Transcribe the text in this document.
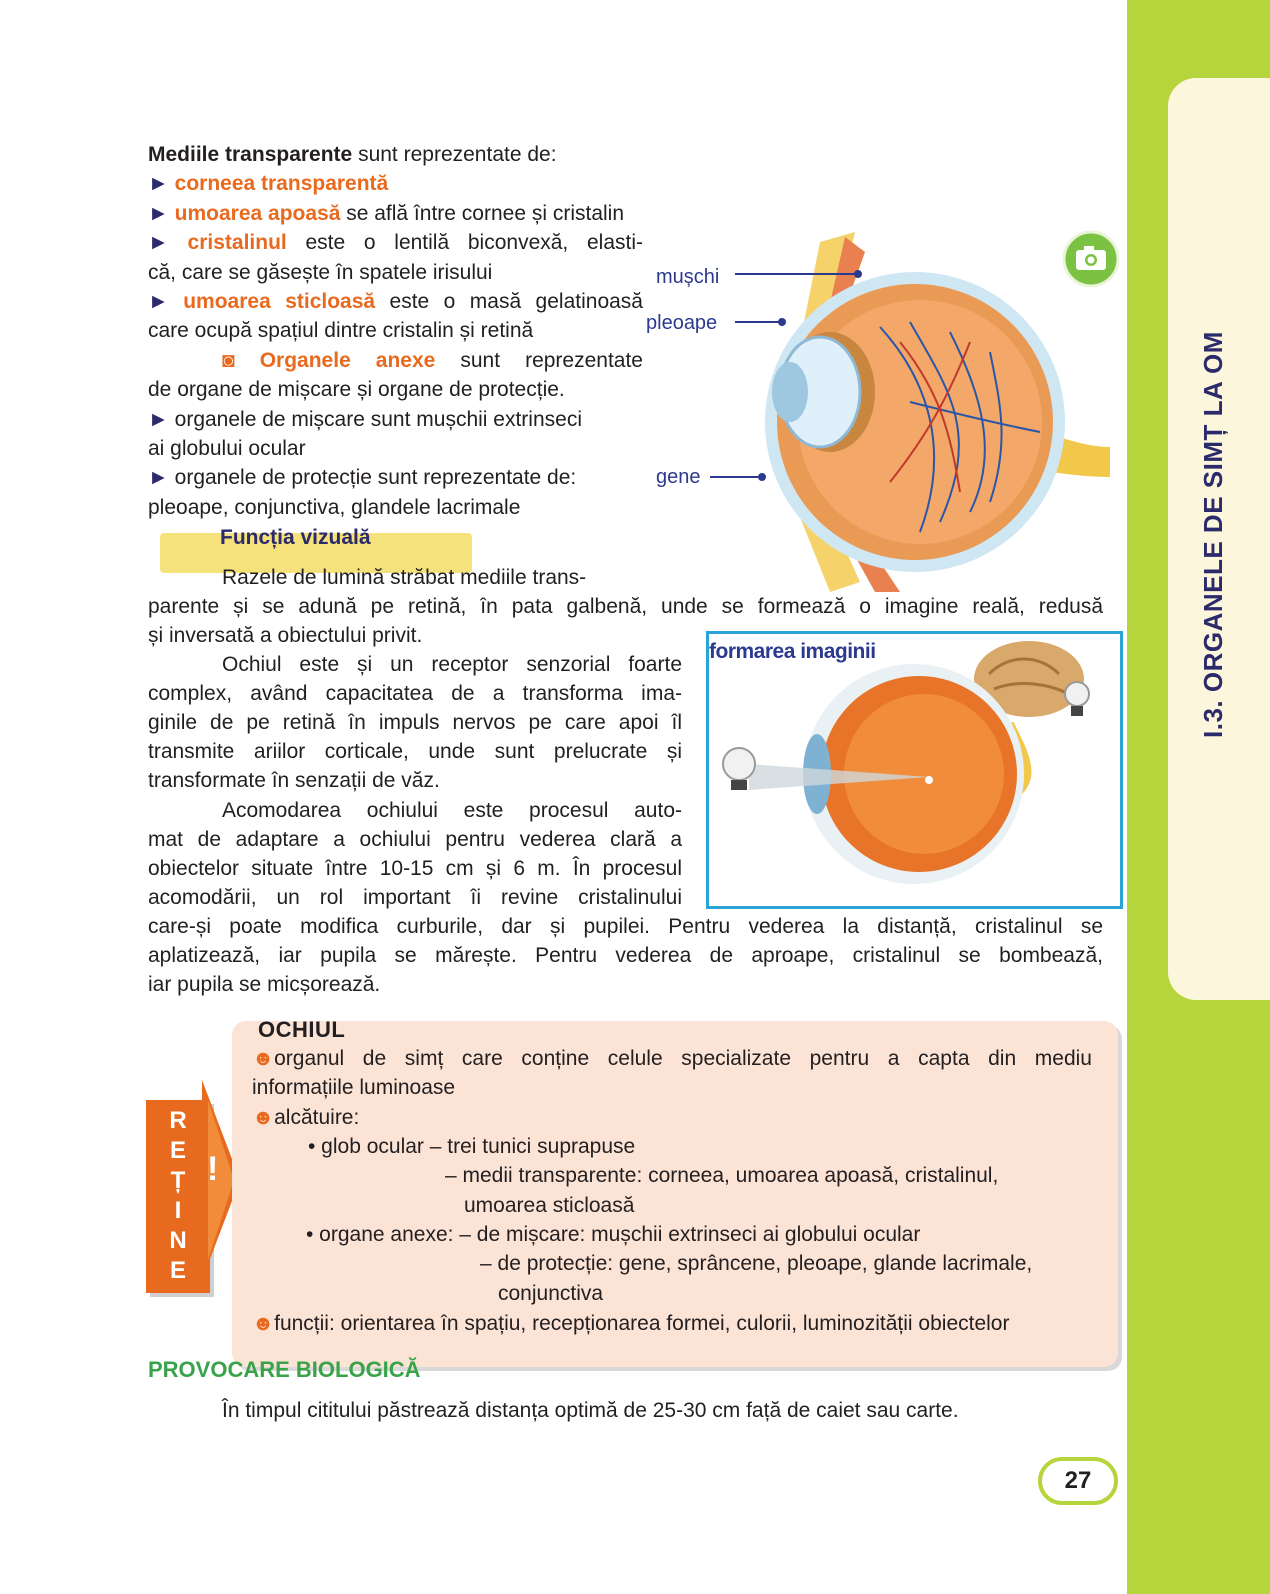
I.3. ORGANELE DE SIMȚ LA OM
Mediile transparente sunt reprezentate de:
► corneea transparentă
► umoarea apoasă se află între cornee și cristalin
► cristalinul este o lentilă biconvexă, elasti-
că, care se găsește în spatele irisului
► umoarea sticloasă este o masă gelatinoasă
care ocupă spațiul dintre cristalin și retină
◙ Organele anexe sunt reprezentate
de organe de mișcare și organe de protecție.
► organele de mișcare sunt mușchii extrinseci
ai globului ocular
► organele de protecție sunt reprezentate de:
pleoape, conjunctiva, glandele lacrimale
mușchi
pleoape
gene
Funcția vizuală
Razele de lumină străbat mediile trans-
parente și se adună pe retină, în pata galbenă, unde se formează o imagine reală, redusă
și inversată a obiectului privit.
Ochiul este și un receptor senzorial foarte
complex, având capacitatea de a transforma ima-
ginile de pe retină în impuls nervos pe care apoi îl
transmite ariilor corticale, unde sunt prelucrate și
transformate în senzații de văz.
Acomodarea ochiului este procesul auto-
mat de adaptare a ochiului pentru vederea clară a
obiectelor situate între 10-15 cm și 6 m. În procesul
acomodării, un rol important îi revine cristalinului
care-și poate modifica curburile, dar și pupilei. Pentru vederea la distanță, cristalinul se
aplatizează, iar pupila se mărește. Pentru vederea de aproape, cristalinul se bombează,
iar pupila se micșorează.
formarea imaginii
R
E
Ț
I
N
E
!
OCHIUL
☻organul de simț care conține celule specializate pentru a capta din mediu
informațiile luminoase
☻alcătuire:
• glob ocular – trei tunici suprapuse
– medii transparente: corneea, umoarea apoasă, cristalinul,
umoarea sticloasă
• organe anexe: – de mișcare: mușchii extrinseci ai globului ocular
– de protecție: gene, sprâncene, pleoape, glande lacrimale,
conjunctiva
☻funcții: orientarea în spațiu, recepționarea formei, culorii, luminozității obiectelor
PROVOCARE BIOLOGICĂ
În timpul cititului păstrează distanța optimă de 25-30 cm față de caiet sau carte.
27
